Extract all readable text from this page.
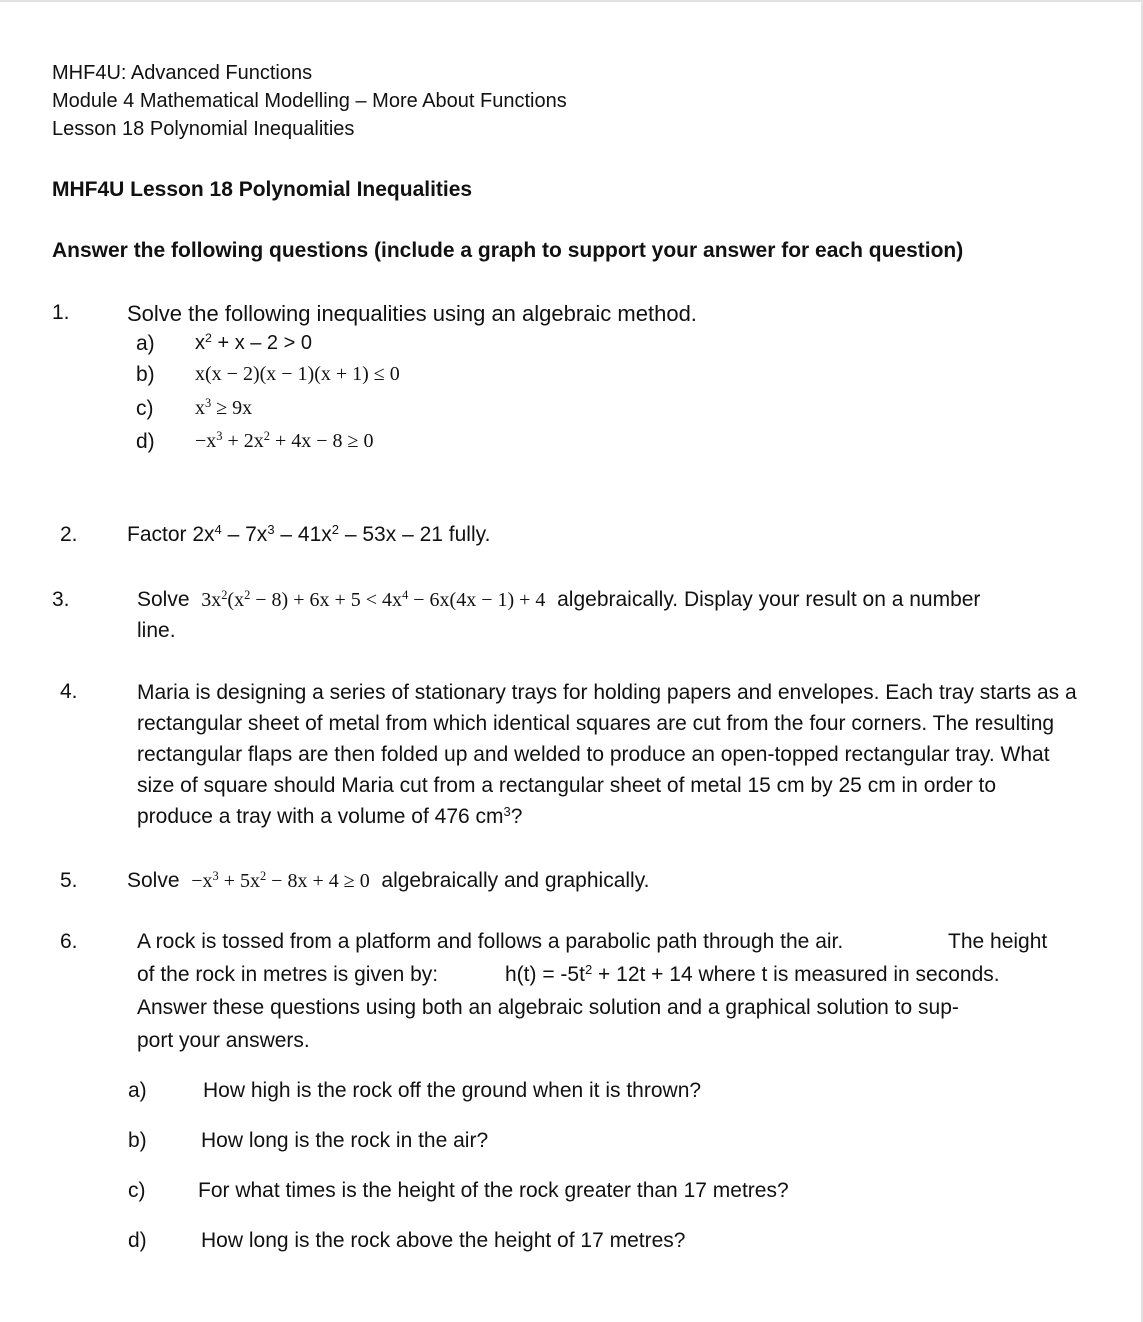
MHF4U: Advanced Functions
Module 4 Mathematical Modelling – More About Functions
Lesson 18 Polynomial Inequalities
MHF4U Lesson 18 Polynomial Inequalities
Answer the following questions (include a graph to support your answer for each question)
1.	Solve the following inequalities using an algebraic method.
a) $x^2 + x - 2 > 0$
b) x(x − 2)(x − 1)(x + 1) ≤ 0
c) $x^3 \ge 9x$
$d) -x^3 + 2x^2 + 4x - 8 \ge 0$
2. Factor $2x^4 - 7x^3 - 41x^2 - 53x - 21$ fully.
3.	Solve $3x^2(x^2 - 8) + 6x + 5 < 4x^4 - 6x(4x - 1) + 4$ algebraically. Display your result on a number
line.
4.	Maria is designing a series of stationary trays for holding papers and envelopes. Each tray starts as a rectangular sheet of metal from which identical squares are cut from the four corners. The resulting rectangular flaps are then folded up and welded to produce an open-topped rectangular tray. What size of square should Maria cut from a rectangular sheet of metal 15 cm by 25 cm in order to produce a tray with a volume of 476 $cm^3$?
5. Solve $-x^3 + 5x^2 - 8x + 4 \ge 0$ algebraically and graphically.
6.	A rock is tossed from a platform and follows a parabolic path through the air.	The height
of the rock in metres is given by:	$h(t) = -5t^2 + 12t + 14$ where t is measured in seconds.
Answer these questions using both an algebraic solution and a graphical solution to sup-
port your answers.
a)	How high is the rock off the ground when it is thrown?
b)	How long is the rock in the air?
c)	For what times is the height of the rock greater than 17 metres?
d)	How long is the rock above the height of 17 metres?
